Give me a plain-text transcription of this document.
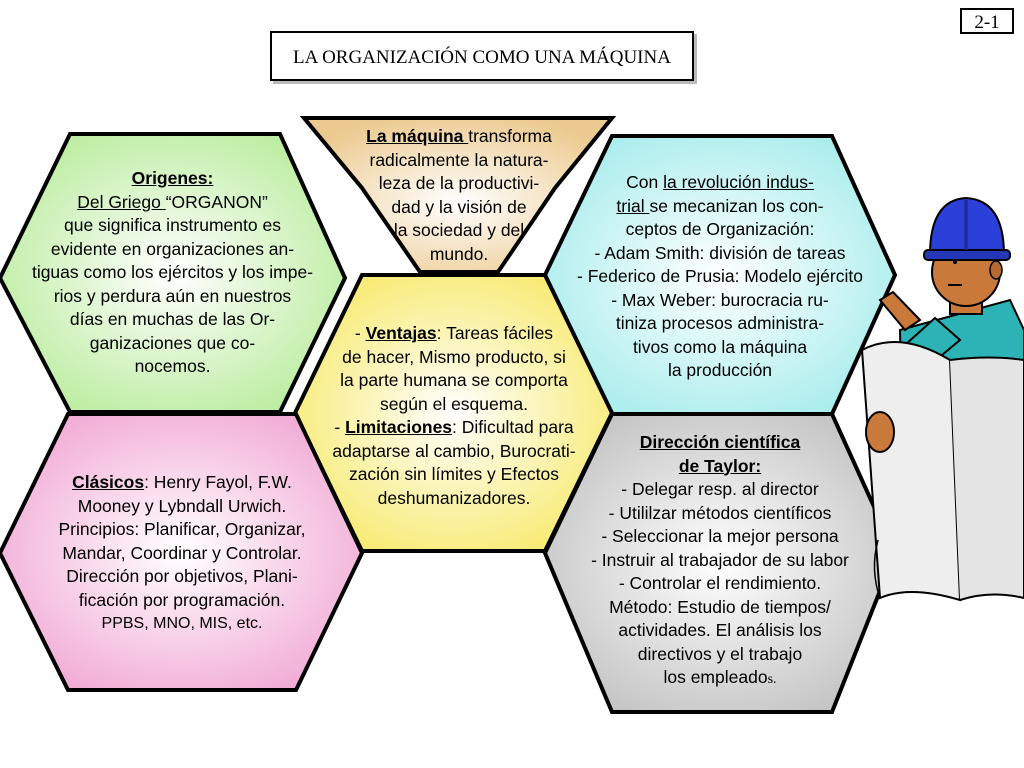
2-1
LA ORGANIZACIÓN COMO UNA MÁQUINA
Origenes:
Del Griego “ORGANON”
que significa instrumento es
evidente en organizaciones an-
tiguas como los ejércitos y los impe-
rios y perdura aún en nuestros
días en muchas de las Or-
ganizaciones que co-
nocemos.
La máquina transforma
radicalmente la natura-
leza de la productivi-
dad y la visión de
la sociedad y del
mundo.
Con la revolución indus-
trial se mecanizan los con-
ceptos de Organización:
- Adam Smith: división de tareas
- Federico de Prusia: Modelo ejército
- Max Weber: burocracia ru-
tiniza procesos administra-
tivos como la máquina
la producción
- Ventajas: Tareas fáciles
de hacer, Mismo producto, si
la parte humana se comporta
según el esquema.
- Limitaciones: Dificultad para
adaptarse al cambio, Burocrati-
zación sin límites y Efectos
deshumanizadores.
Clásicos: Henry Fayol, F.W.
Mooney y Lybndall Urwich.
Principios: Planificar, Organizar,
Mandar, Coordinar y Controlar.
Dirección por objetivos, Plani-
ficación por programación.
PPBS, MNO, MIS, etc.
Dirección científica
de Taylor:
- Delegar resp. al director
- Utililzar métodos científicos
- Seleccionar la mejor persona
- Instruir al trabajador de su labor
- Controlar el rendimiento.
Método: Estudio de tiempos/
actividades. El análisis los
directivos y el trabajo
los empleados.
